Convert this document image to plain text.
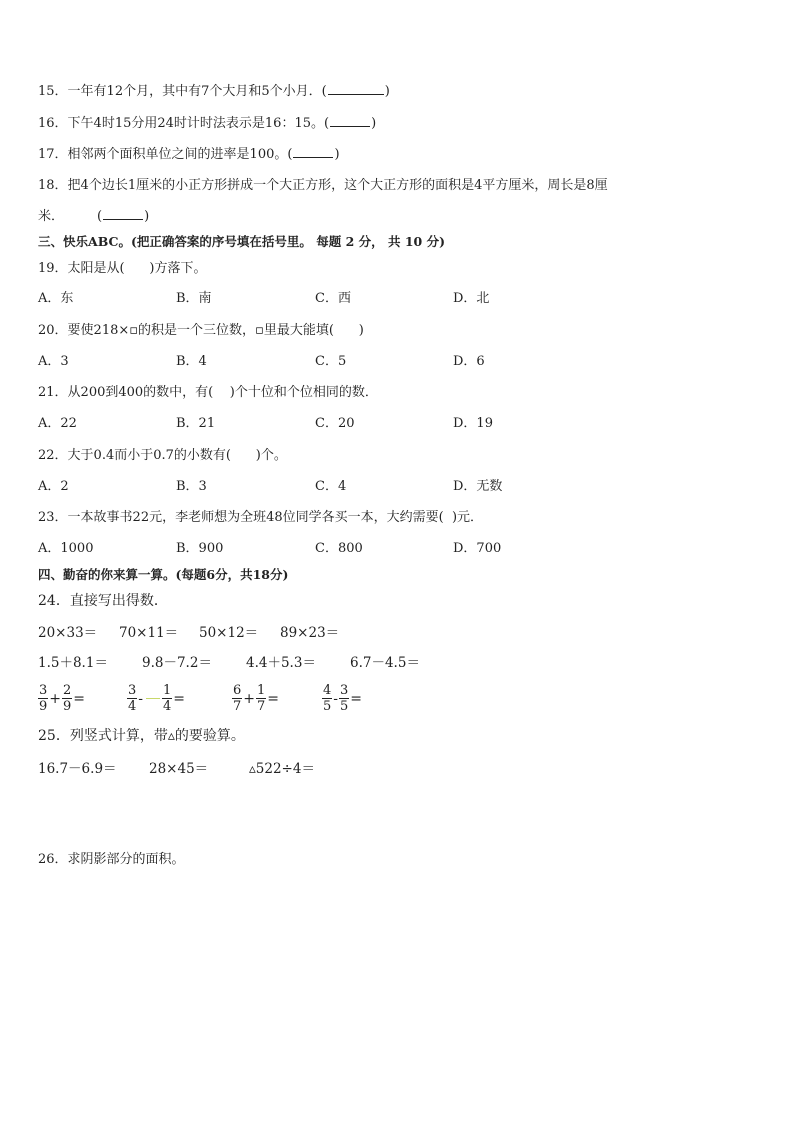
15．一年有12个月，其中有7个大月和5个小月．(	)
16．下午4时15分用24时计时法表示是16：15。(	)
17．相邻两个面积单位之间的进率是100。(	)
18．把4个边长1厘米的小正方形拼成一个大正方形，这个大正方形的面积是4平方厘米，周长是8厘
米．        (	)
三、快乐ABC。(把正确答案的序号填在括号里。 每题 2 分， 共 10 分)
19．太阳是从(      )方落下。
A．东	B．南	C．西	D．北
20．要使218×▫的积是一个三位数，▫里最大能填(      )
A．3	B．4	C．5	D．6
21．从200到400的数中，有(    )个十位和个位相同的数．
A．22	B．21	C．20	D．19
22．大于0.4而小于0.7的小数有(      )个。
A．2	B．3	C．4	D．无数
23．一本故事书22元，李老师想为全班48位同学各买一本，大约需要(  )元．
A．1000	B．900	C．800	D．700
四、勤奋的你来算一算。(每题6分，共18分)
24．直接写出得数．
20×33＝ 70×11＝ 50×12＝ 89×23＝
1.5＋8.1＝	9.8－7.2＝	4.4＋5.3＝	6.7－4.5＝
$\frac{3}{9} + \frac{2}{9}$ =	$\frac{3}{4} - \frac{1}{4}$ =	$\frac{6}{7} + \frac{1}{7}$ =	$\frac{4}{5} - \frac{3}{5}$ =
25．列竖式计算，带▵的要验算。
16.7－6.9＝ 28×45＝	▵522÷4＝
26．求阴影部分的面积。
